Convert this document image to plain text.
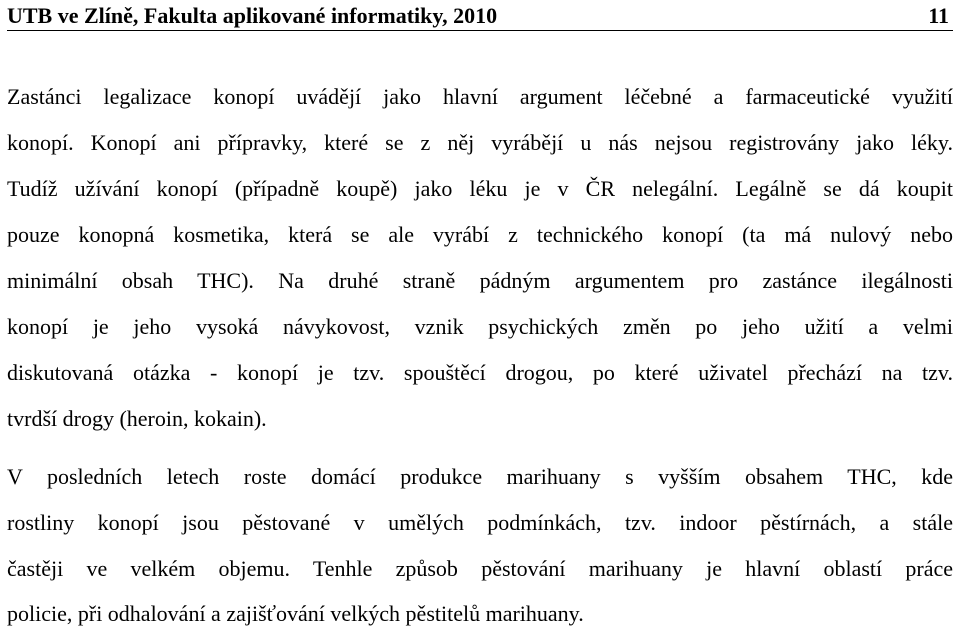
UTB ve Zlíně, Fakulta aplikované informatiky, 2010	11
Zastánci legalizace konopí uvádějí jako hlavní argument léčebné a farmaceutické využití
konopí. Konopí ani přípravky, které se z něj vyrábějí u nás nejsou registrovány jako léky.
Tudíž užívání konopí (případně koupě) jako léku je v ČR nelegální. Legálně se dá koupit
pouze konopná kosmetika, která se ale vyrábí z technického konopí (ta má nulový nebo
minimální obsah THC). Na druhé straně pádným argumentem pro zastánce ilegálnosti
konopí je jeho vysoká návykovost, vznik psychických změn po jeho užití a velmi
diskutovaná otázka - konopí je tzv. spouštěcí drogou, po které uživatel přechází na tzv.
tvrdší drogy (heroin, kokain).
V posledních letech roste domácí produkce marihuany s vyšším obsahem THC, kde
rostliny konopí jsou pěstované v umělých podmínkách, tzv. indoor pěstírnách, a stále
častěji ve velkém objemu. Tenhle způsob pěstování marihuany je hlavní oblastí práce
policie, při odhalování a zajišťování velkých pěstitelů marihuany.
